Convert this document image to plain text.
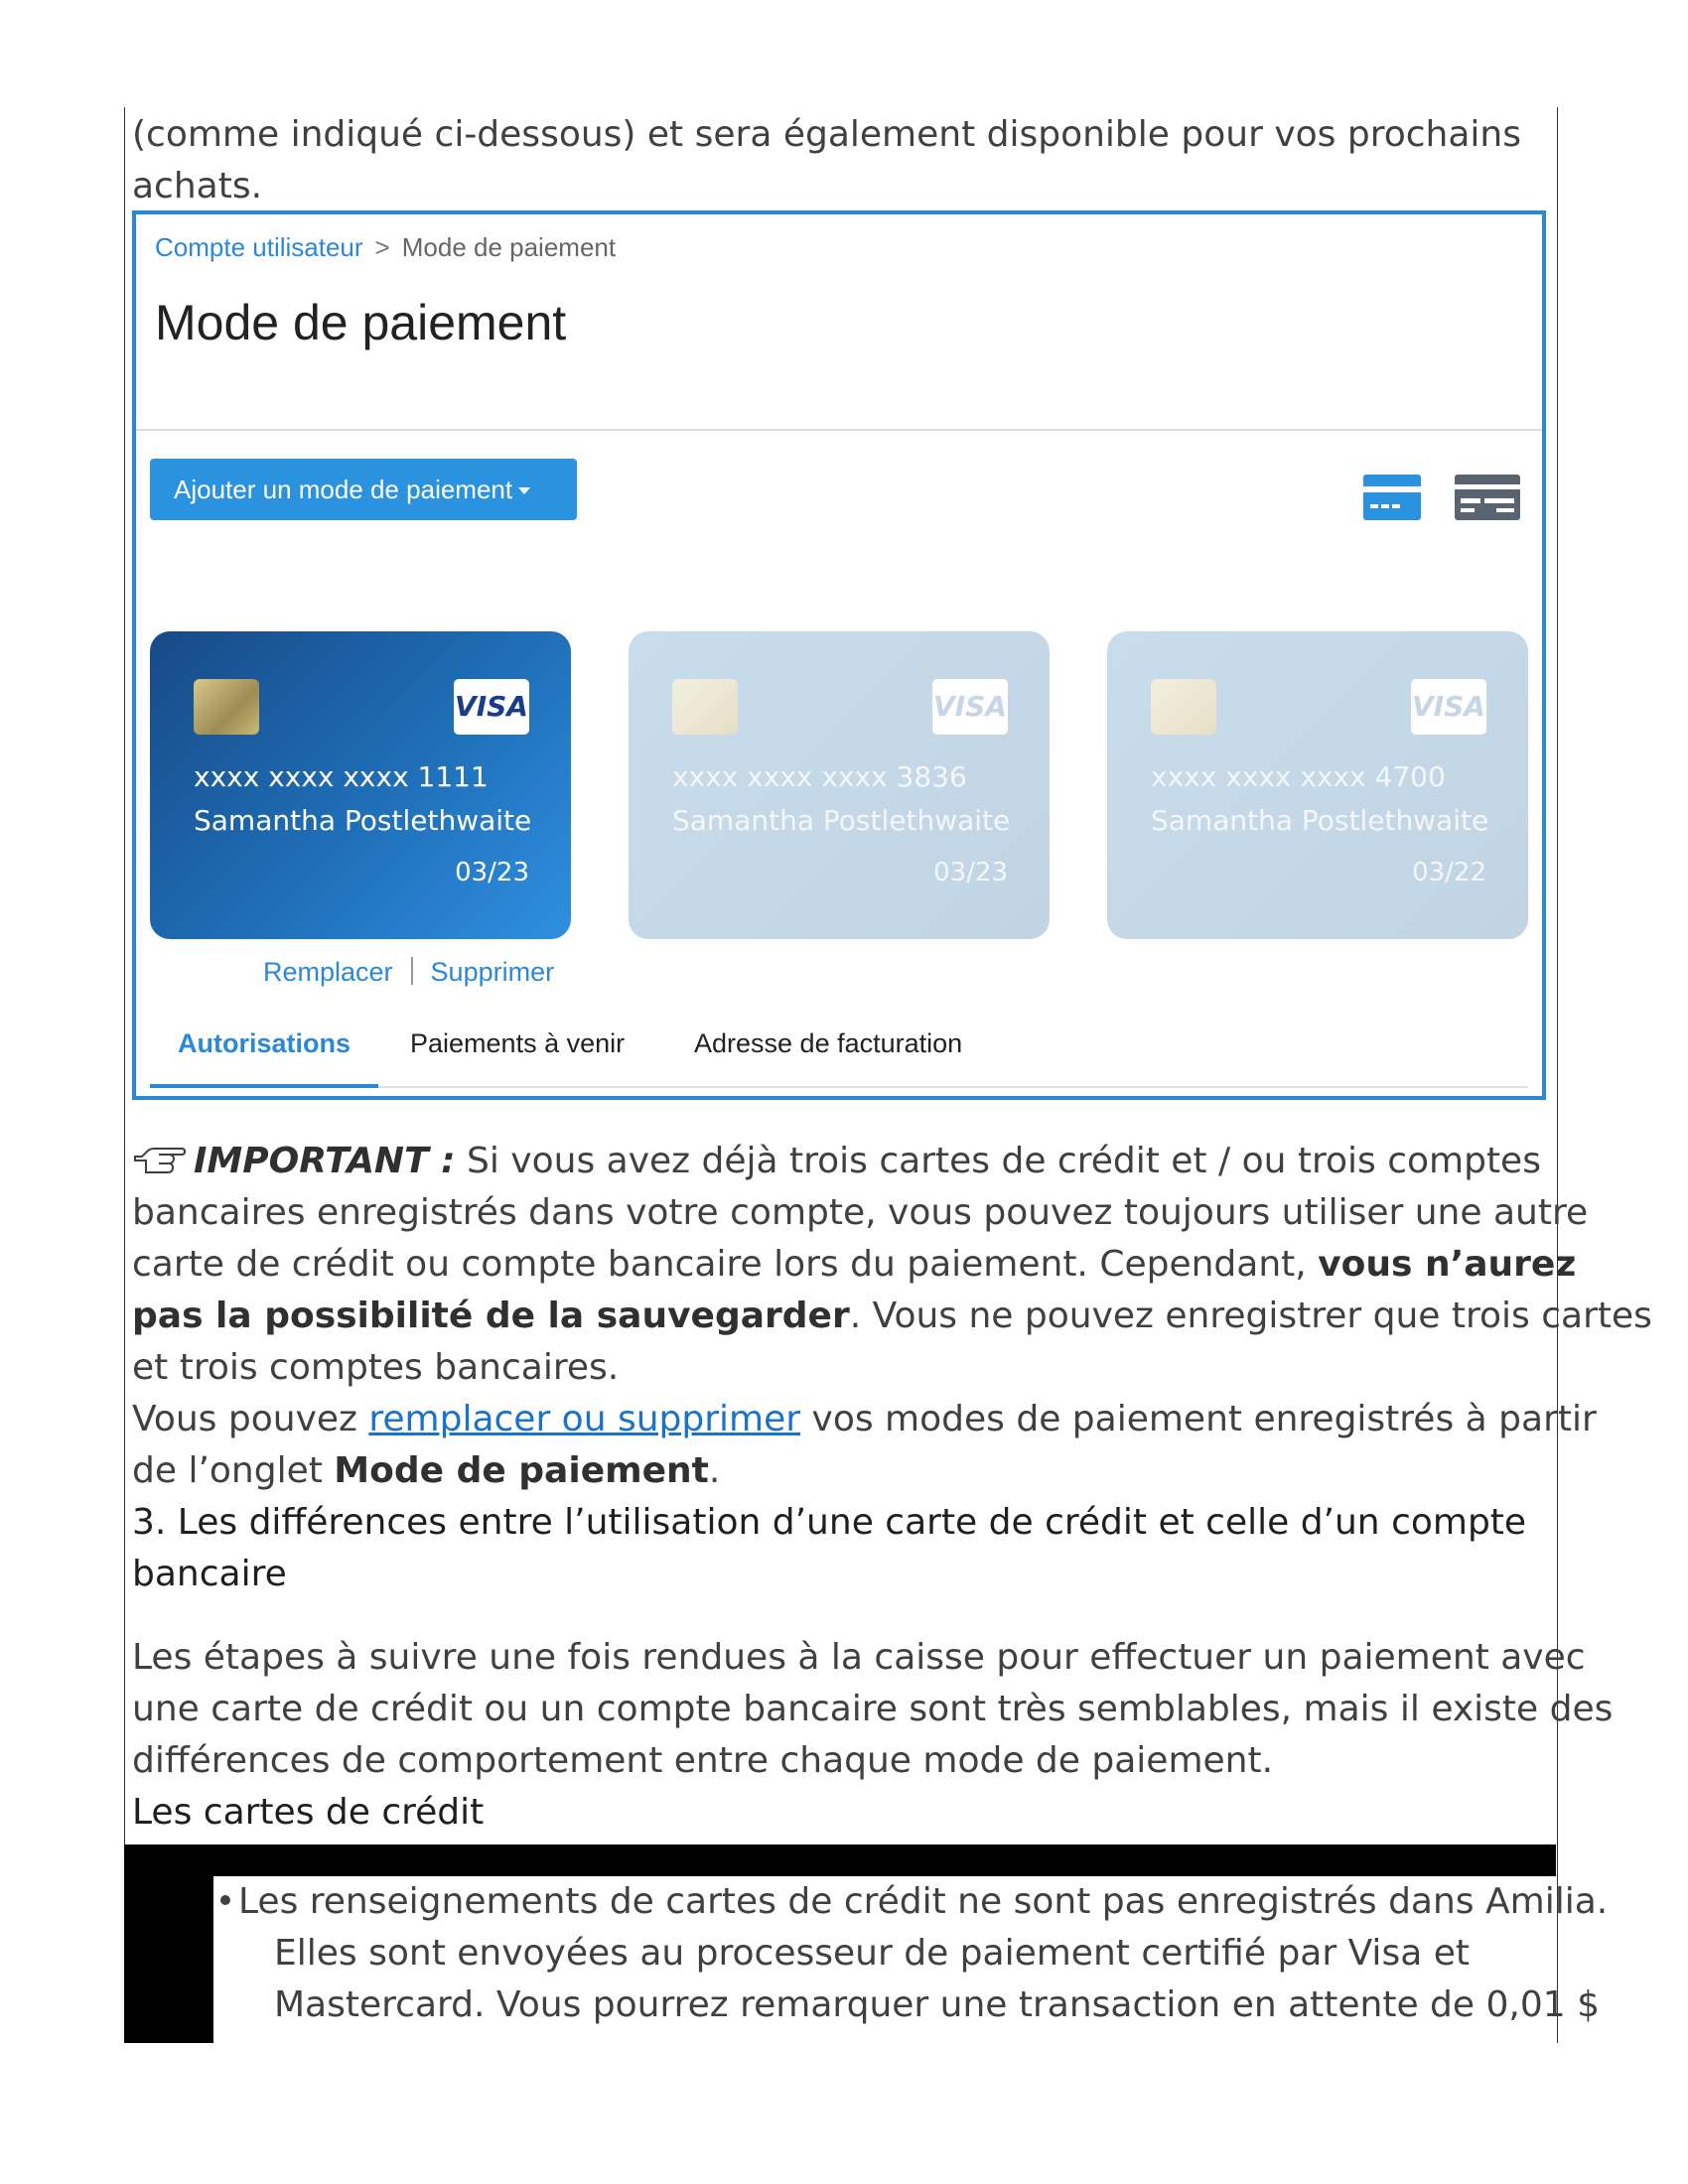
(comme indiqué ci-dessous) et sera également disponible pour vos prochains
achats.

Compte utilisateur > Mode de paiement
Mode de paiement
Ajouter un mode de paiement
VISA
xxxx xxxx xxxx 1111
Samantha Postlethwaite
03/23
VISA
xxxx xxxx xxxx 3836
Samantha Postlethwaite
03/23
VISA
xxxx xxxx xxxx 4700
Samantha Postlethwaite
03/22
Remplacer Supprimer
Autorisations	Paiements à venir	Adresse de facturation

IMPORTANT : Si vous avez déjà trois cartes de crédit et / ou trois comptes
bancaires enregistrés dans votre compte, vous pouvez toujours utiliser une autre
carte de crédit ou compte bancaire lors du paiement. Cependant, vous n’aurez
pas la possibilité de la sauvegarder. Vous ne pouvez enregistrer que trois cartes
et trois comptes bancaires.

Vous pouvez remplacer ou supprimer vos modes de paiement enregistrés à partir
de l’onglet Mode de paiement.

3. Les différences entre l’utilisation d’une carte de crédit et celle d’un compte
bancaire

Les étapes à suivre une fois rendues à la caisse pour effectuer un paiement avec
une carte de crédit ou un compte bancaire sont très semblables, mais il existe des
différences de comportement entre chaque mode de paiement.

Les cartes de crédit

Les renseignements de cartes de crédit ne sont pas enregistrés dans Amilia.
Elles sont envoyées au processeur de paiement certifié par Visa et
Mastercard. Vous pourrez remarquer une transaction en attente de 0,01 $
